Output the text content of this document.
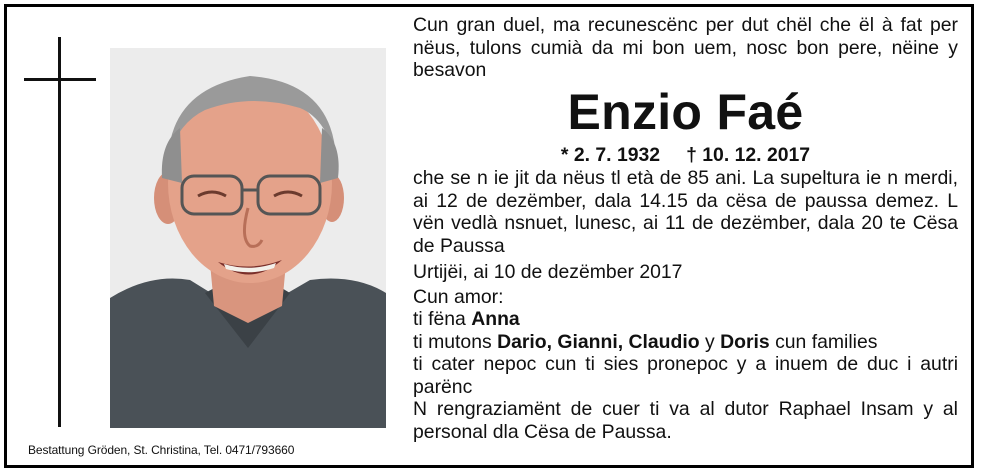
Bestattung Gröden, St. Christina, Tel. 0471/793660

Cun gran duel, ma recunescënc per dut chël che ël à fat per nëus, tulons cumià da mi bon uem, nosc bon pere, nëine y besavon

Enzio Faé
* 2. 7. 1932 † 10. 12. 2017

che se n ie jit da nëus tl età de 85 ani. La supeltura ie n merdi, ai 12 de dezëmber, dala 14.15 da cësa de paussa demez. L vën vedlà nsnuet, lunesc, ai 11 de dezëmber, dala 20 te Cësa de Paussa

Urtijëi, ai 10 de dezëmber 2017

Cun amor:

ti fëna Anna

ti mutons Dario, Gianni, Claudio y Doris cun families

ti cater nepoc cun ti sies pronepoc y a inuem de duc i autri parënc

N rengraziamënt de cuer ti va al dutor Raphael Insam y al personal dla Cësa de Paussa.
